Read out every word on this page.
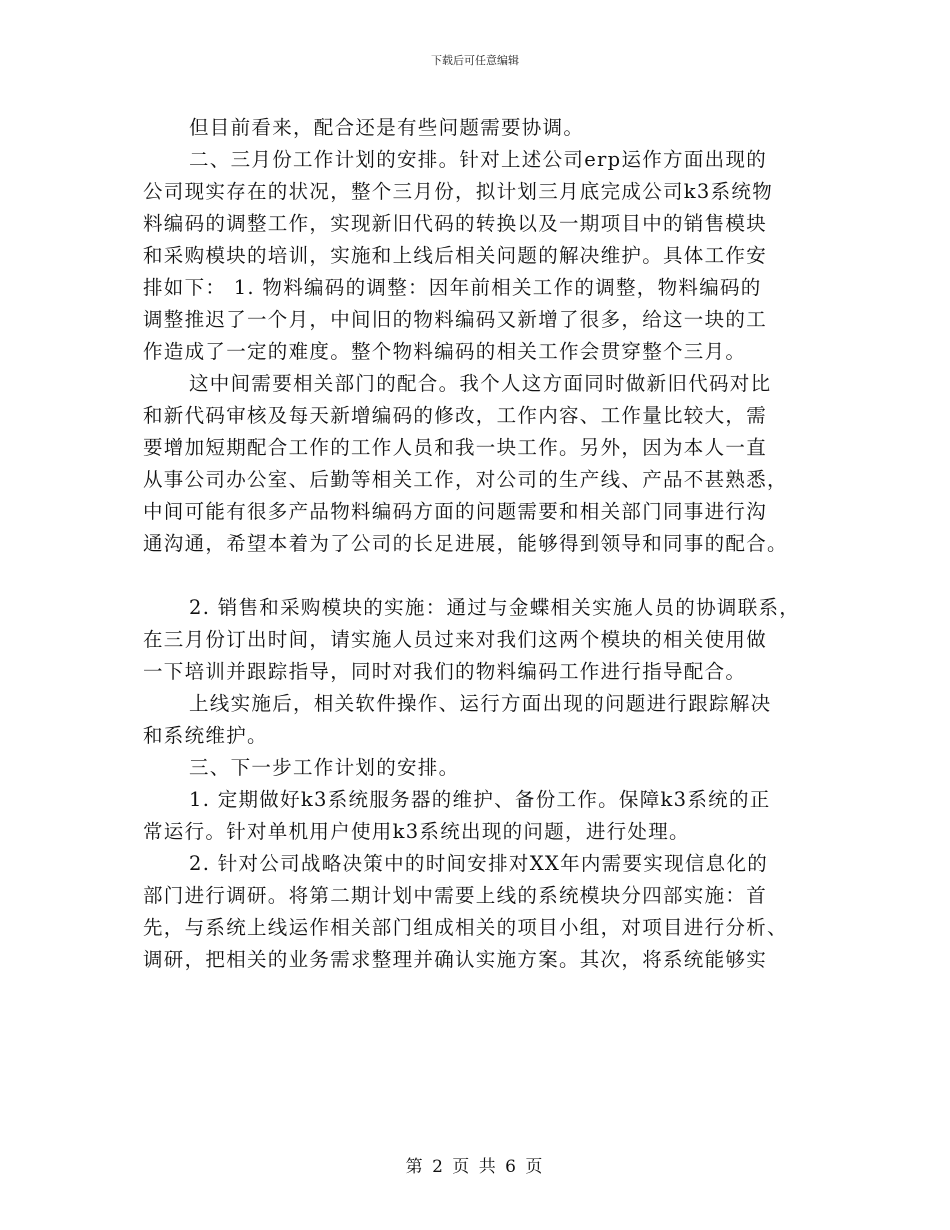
下载后可任意编辑
但目前看来，配合还是有些问题需要协调。
二、三月份工作计划的安排。针对上述公司erp运作方面出现的
公司现实存在的状况，整个三月份，拟计划三月底完成公司k3系统物
料编码的调整工作，实现新旧代码的转换以及一期项目中的销售模块
和采购模块的培训，实施和上线后相关问题的解决维护。具体工作安
排如下： 1. 物料编码的调整：因年前相关工作的调整，物料编码的
调整推迟了一个月，中间旧的物料编码又新增了很多，给这一块的工
作造成了一定的难度。整个物料编码的相关工作会贯穿整个三月。
这中间需要相关部门的配合。我个人这方面同时做新旧代码对比
和新代码审核及每天新增编码的修改，工作内容、工作量比较大，需
要增加短期配合工作的工作人员和我一块工作。另外，因为本人一直
从事公司办公室、后勤等相关工作，对公司的生产线、产品不甚熟悉，
中间可能有很多产品物料编码方面的问题需要和相关部门同事进行沟
通沟通，希望本着为了公司的长足进展，能够得到领导和同事的配合。
2. 销售和采购模块的实施：通过与金蝶相关实施人员的协调联系，
在三月份订出时间，请实施人员过来对我们这两个模块的相关使用做
一下培训并跟踪指导，同时对我们的物料编码工作进行指导配合。
上线实施后，相关软件操作、运行方面出现的问题进行跟踪解决
和系统维护。
三、下一步工作计划的安排。
1. 定期做好k3系统服务器的维护、备份工作。保障k3系统的正
常运行。针对单机用户使用k3系统出现的问题，进行处理。
2. 针对公司战略决策中的时间安排对XX年内需要实现信息化的
部门进行调研。将第二期计划中需要上线的系统模块分四部实施：首
先，与系统上线运作相关部门组成相关的项目小组，对项目进行分析、
调研，把相关的业务需求整理并确认实施方案。其次，将系统能够实
第 2 页 共 6 页
